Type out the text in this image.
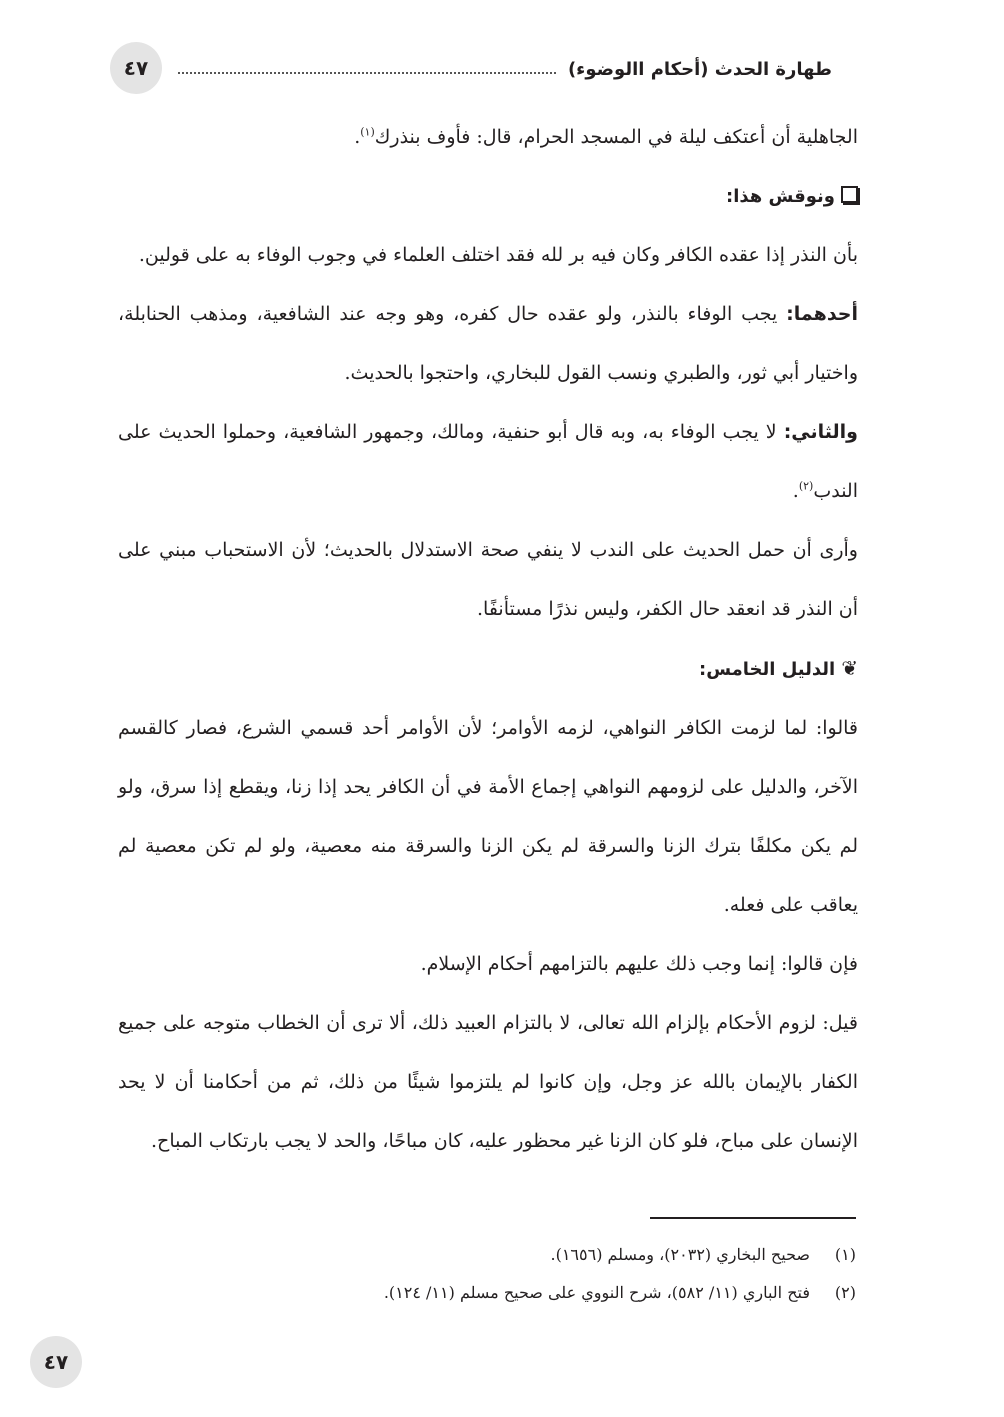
٤٧	طهارة الحدث (أحكام االوضوء)

الجاهلية أن أعتكف ليلة في المسجد الحرام، قال: فأوف بنذرك$^{(١)}$.

ونوقش هذا:

بأن النذر إذا عقده الكافر وكان فيه بر لله فقد اختلف العلماء في وجوب الوفاء به على قولين.

أحدهما: يجب الوفاء بالنذر، ولو عقده حال كفره، وهو وجه عند الشافعية، ومذهب الحنابلة، واختيار أبي ثور، والطبري ونسب القول للبخاري، واحتجوا بالحديث.

والثاني: لا يجب الوفاء به، وبه قال أبو حنفية، ومالك، وجمهور الشافعية، وحملوا الحديث على الندب$^{(٢)}$.

وأرى أن حمل الحديث على الندب لا ينفي صحة الاستدلال بالحديث؛ لأن الاستحباب مبني على أن النذر قد انعقد حال الكفر، وليس نذرًا مستأنفًا.

❦الدليل الخامس:

قالوا: لما لزمت الكافر النواهي، لزمه الأوامر؛ لأن الأوامر أحد قسمي الشرع، فصار كالقسم الآخر، والدليل على لزومهم النواهي إجماع الأمة في أن الكافر يحد إذا زنا، ويقطع إذا سرق، ولو لم يكن مكلفًا بترك الزنا والسرقة لم يكن الزنا والسرقة منه معصية، ولو لم تكن معصية لم يعاقب على فعله.

فإن قالوا: إنما وجب ذلك عليهم بالتزامهم أحكام الإسلام.

قيل: لزوم الأحكام بإلزام الله تعالى، لا بالتزام العبيد ذلك، ألا ترى أن الخطاب متوجه على جميع الكفار بالإيمان بالله عز وجل، وإن كانوا لم يلتزموا شيئًا من ذلك، ثم من أحكامنا أن لا يحد الإنسان على مباح، فلو كان الزنا غير محظور عليه، كان مباحًا، والحد لا يجب بارتكاب المباح.

(١)
صحيح البخاري (٢٠٣٢)، ومسلم (١٦٥٦).
(٢)
فتح الباري (١١/ ٥٨٢)، شرح النووي على صحيح مسلم (١١/ ١٢٤).
٤٧
